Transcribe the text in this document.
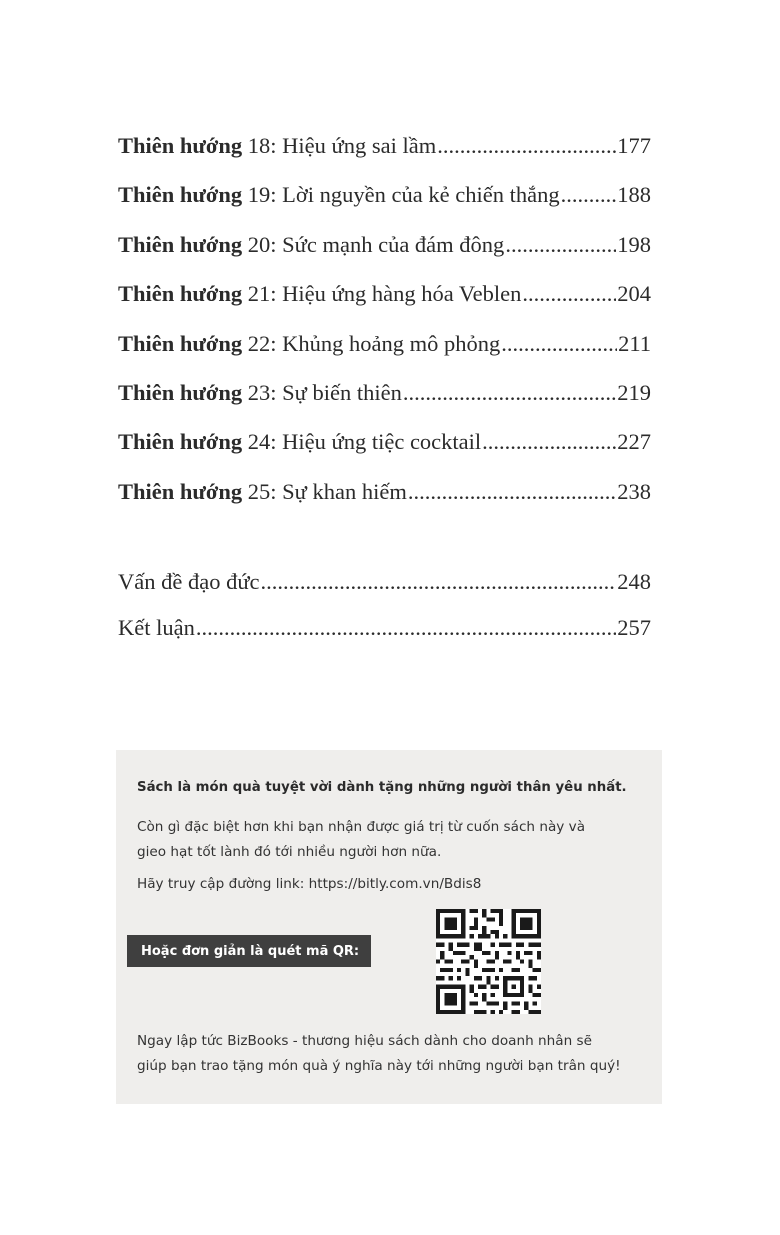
Thiên hướng 18: Hiệu ứng sai lầm .....	177
Thiên hướng 19: Lời nguyền của kẻ chiến thắng .....	188
Thiên hướng 20: Sức mạnh của đám đông .....	198
Thiên hướng 21: Hiệu ứng hàng hóa Veblen .....	204
Thiên hướng 22: Khủng hoảng mô phỏng .....	211
Thiên hướng 23: Sự biến thiên .....	219
Thiên hướng 24: Hiệu ứng tiệc cocktail .....	227
Thiên hướng 25: Sự khan hiếm .....	238
Vấn đề đạo đức .....	248
Kết luận .....	257
Sách là món quà tuyệt vời dành tặng những người thân yêu nhất.
Còn gì đặc biệt hơn khi bạn nhận được giá trị từ cuốn sách này và
gieo hạt tốt lành đó tới nhiều người hơn nữa.
Hãy truy cập đường link: https://bitly.com.vn/Bdis8
Hoặc đơn giản là quét mã QR:
Ngay lập tức BizBooks - thương hiệu sách dành cho doanh nhân sẽ
giúp bạn trao tặng món quà ý nghĩa này tới những người bạn trân quý!
